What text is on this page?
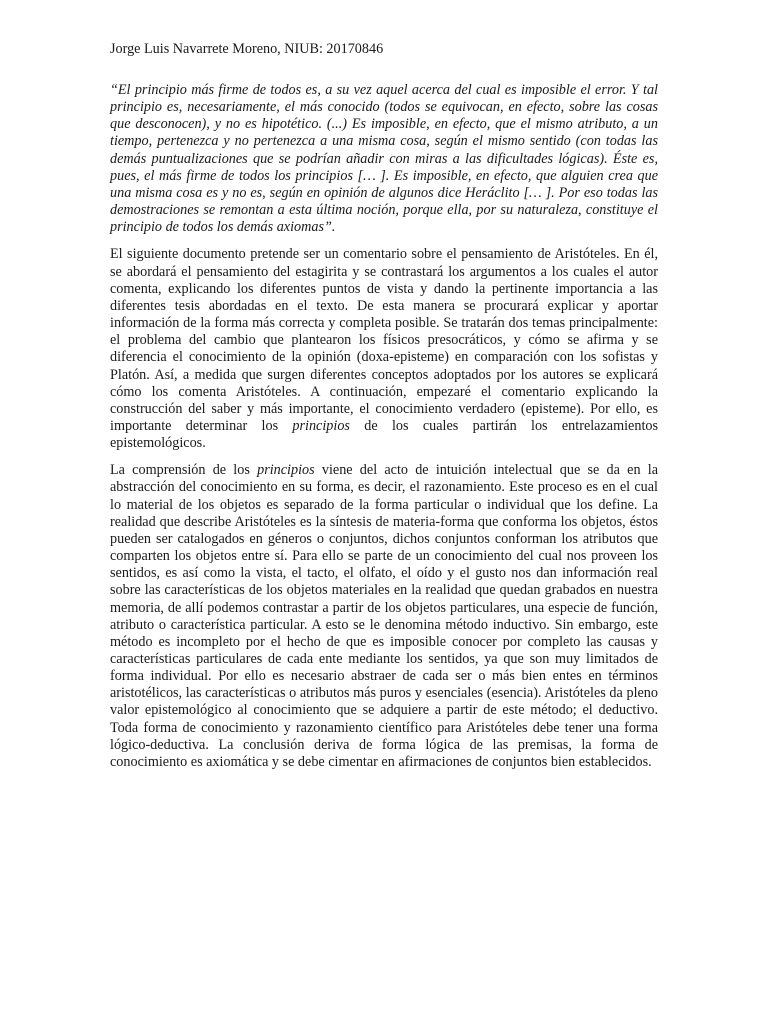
Jorge Luis Navarrete Moreno, NIUB: 20170846

“El principio más firme de todos es, a su vez aquel acerca del cual es imposible el error. Y tal principio es, necesariamente, el más conocido (todos se equivocan, en efecto, sobre las cosas que desconocen), y no es hipotético. (...) Es imposible, en efecto, que el mismo atributo, a un tiempo, pertenezca y no pertenezca a una misma cosa, según el mismo sentido (con todas las demás puntualizaciones que se podrían añadir con miras a las dificultades lógicas). Éste es, pues, el más firme de todos los principios [… ]. Es imposible, en efecto, que alguien crea que una misma cosa es y no es, según en opinión de algunos dice Heráclito [… ]. Por eso todas las demostraciones se remontan a esta última noción, porque ella, por su naturaleza, constituye el principio de todos los demás axiomas”.

El siguiente documento pretende ser un comentario sobre el pensamiento de Aristóteles. En él, se abordará el pensamiento del estagirita y se contrastará los argumentos a los cuales el autor comenta, explicando los diferentes puntos de vista y dando la pertinente importancia a las diferentes tesis abordadas en el texto. De esta manera se procurará explicar y aportar información de la forma más correcta y completa posible. Se tratarán dos temas principalmente: el problema del cambio que plantearon los físicos presocráticos, y cómo se afirma y se diferencia el conocimiento de la opinión (doxa-episteme) en comparación con los sofistas y Platón. Así, a medida que surgen diferentes conceptos adoptados por los autores se explicará cómo los comenta Aristóteles. A continuación, empezaré el comentario explicando la construcción del saber y más importante, el conocimiento verdadero (episteme). Por ello, es importante determinar los principios de los cuales partirán los entrelazamientos epistemológicos.

La comprensión de los principios viene del acto de intuición intelectual que se da en la abstracción del conocimiento en su forma, es decir, el razonamiento. Este proceso es en el cual lo material de los objetos es separado de la forma particular o individual que los define. La realidad que describe Aristóteles es la síntesis de materia-forma que conforma los objetos, éstos pueden ser catalogados en géneros o conjuntos, dichos conjuntos conforman los atributos que comparten los objetos entre sí. Para ello se parte de un conocimiento del cual nos proveen los sentidos, es así como la vista, el tacto, el olfato, el oído y el gusto nos dan información real sobre las características de los objetos materiales en la realidad que quedan grabados en nuestra memoria, de allí podemos contrastar a partir de los objetos particulares, una especie de función, atributo o característica particular. A esto se le denomina método inductivo. Sin embargo, este método es incompleto por el hecho de que es imposible conocer por completo las causas y características particulares de cada ente mediante los sentidos, ya que son muy limitados de forma individual. Por ello es necesario abstraer de cada ser o más bien entes en términos aristotélicos, las características o atributos más puros y esenciales (esencia). Aristóteles da pleno valor epistemológico al conocimiento que se adquiere a partir de este método; el deductivo. Toda forma de conocimiento y razonamiento científico para Aristóteles debe tener una forma lógico-deductiva. La conclusión deriva de forma lógica de las premisas, la forma de conocimiento es axiomática y se debe cimentar en afirmaciones de conjuntos bien establecidos.
